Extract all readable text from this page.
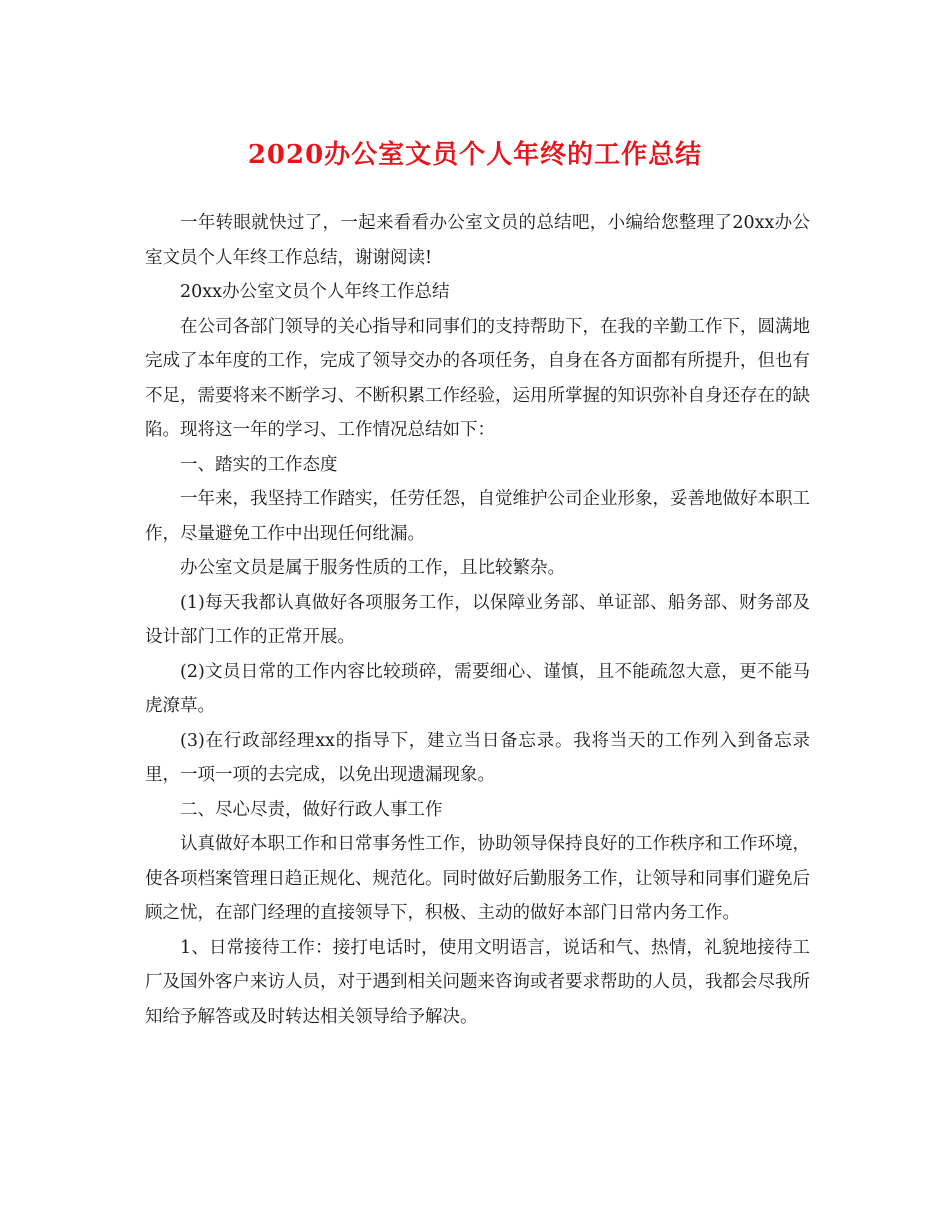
2020办公室文员个人年终的工作总结

一年转眼就快过了，一起来看看办公室文员的总结吧，小编给您整理了20xx办公室文员个人年终工作总结，谢谢阅读!

20xx办公室文员个人年终工作总结

在公司各部门领导的关心指导和同事们的支持帮助下，在我的辛勤工作下，圆满地完成了本年度的工作，完成了领导交办的各项任务，自身在各方面都有所提升，但也有不足，需要将来不断学习、不断积累工作经验，运用所掌握的知识弥补自身还存在的缺陷。现将这一年的学习、工作情况总结如下：

一、踏实的工作态度

一年来，我坚持工作踏实，任劳任怨，自觉维护公司企业形象，妥善地做好本职工作，尽量避免工作中出现任何纰漏。

办公室文员是属于服务性质的工作，且比较繁杂。

(1)每天我都认真做好各项服务工作，以保障业务部、单证部、船务部、财务部及设计部门工作的正常开展。

(2)文员日常的工作内容比较琐碎，需要细心、谨慎，且不能疏忽大意，更不能马虎潦草。

(3)在行政部经理xx的指导下，建立当日备忘录。我将当天的工作列入到备忘录里，一项一项的去完成，以免出现遗漏现象。

二、尽心尽责，做好行政人事工作

认真做好本职工作和日常事务性工作，协助领导保持良好的工作秩序和工作环境，使各项档案管理日趋正规化、规范化。同时做好后勤服务工作，让领导和同事们避免后顾之忧，在部门经理的直接领导下，积极、主动的做好本部门日常内务工作。

1、日常接待工作：接打电话时，使用文明语言，说话和气、热情，礼貌地接待工厂及国外客户来访人员，对于遇到相关问题来咨询或者要求帮助的人员，我都会尽我所知给予解答或及时转达相关领导给予解决。
